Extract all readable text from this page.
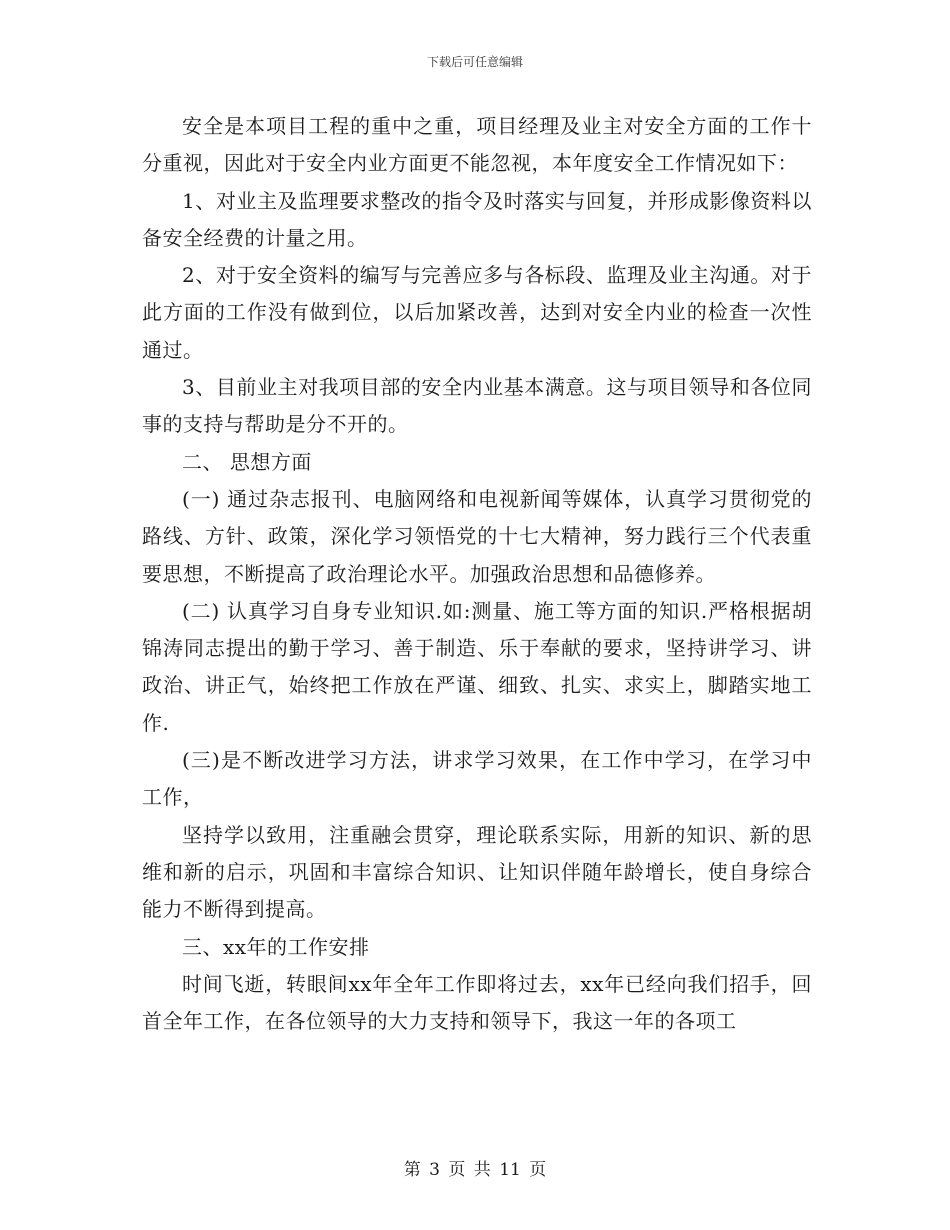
下载后可任意编辑

安全是本项目工程的重中之重，项目经理及业主对安全方面的工作十分重视，因此对于安全内业方面更不能忽视，本年度安全工作情况如下：

1、对业主及监理要求整改的指令及时落实与回复，并形成影像资料以备安全经费的计量之用。

2、对于安全资料的编写与完善应多与各标段、监理及业主沟通。对于此方面的工作没有做到位，以后加紧改善，达到对安全内业的检查一次性通过。

3、目前业主对我项目部的安全内业基本满意。这与项目领导和各位同事的支持与帮助是分不开的。

二、 思想方面

(一) 通过杂志报刊、电脑网络和电视新闻等媒体，认真学习贯彻党的路线、方针、政策，深化学习领悟党的十七大精神，努力践行三个代表重要思想，不断提高了政治理论水平。加强政治思想和品德修养。

(二) 认真学习自身专业知识.如:测量、施工等方面的知识.严格根据胡锦涛同志提出的勤于学习、善于制造、乐于奉献的要求，坚持讲学习、讲政治、讲正气，始终把工作放在严谨、细致、扎实、求实上，脚踏实地工作.

(三)是不断改进学习方法，讲求学习效果，在工作中学习，在学习中工作，

坚持学以致用，注重融会贯穿，理论联系实际，用新的知识、新的思维和新的启示，巩固和丰富综合知识、让知识伴随年龄增长，使自身综合能力不断得到提高。

三、xx年的工作安排

时间飞逝，转眼间xx年全年工作即将过去，xx年已经向我们招手，回首全年工作，在各位领导的大力支持和领导下，我这一年的各项工

第 3 页 共 11 页
